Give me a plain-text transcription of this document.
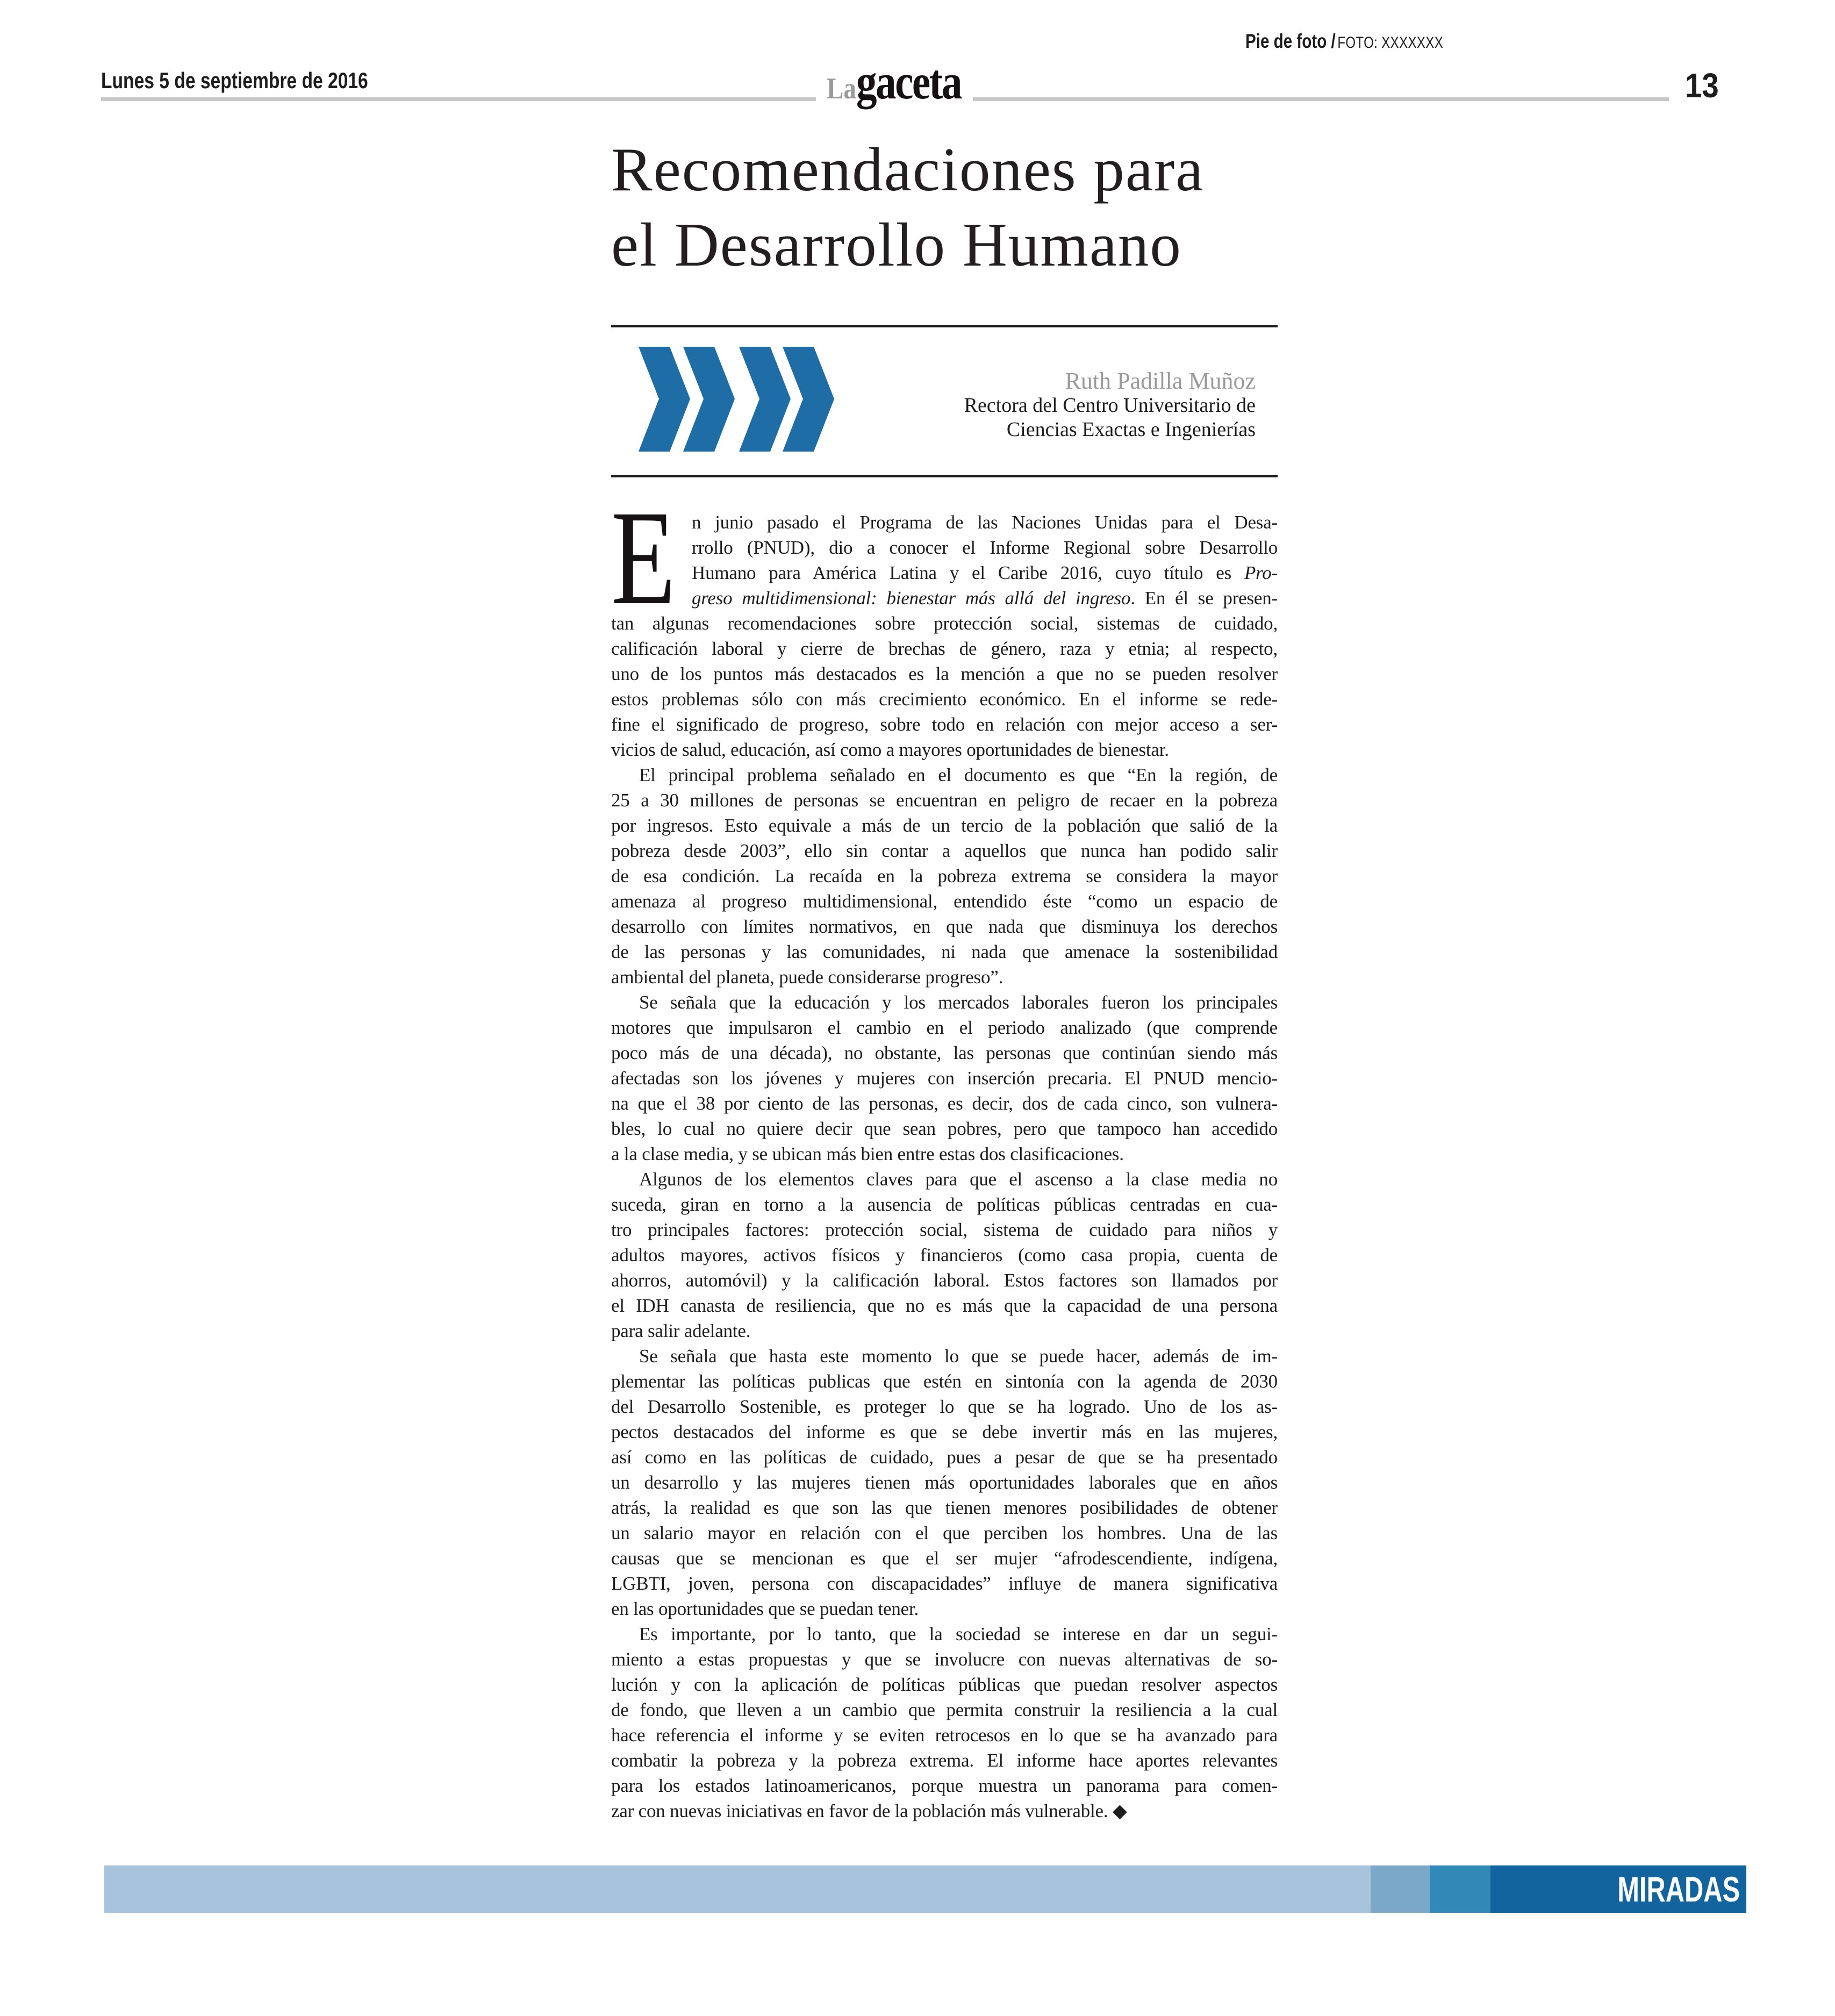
Pie de foto / FOTO: XXXXXXX
Lunes 5 de septiembre de 2016	La gaceta	13
Recomendaciones para
el Desarrollo Humano
Ruth Padilla Muñoz
Rectora del Centro Universitario de
Ciencias Exactas e Ingenierías
E n junio pasado el Programa de las Naciones Unidas para el Desa-
rrollo (PNUD), dio a conocer el Informe Regional sobre Desarrollo
Humano para América Latina y el Caribe 2016, cuyo título es Pro-
greso multidimensional: bienestar más allá del ingreso. En él se presen-
tan algunas recomendaciones sobre protección social, sistemas de cuidado,
calificación laboral y cierre de brechas de género, raza y etnia; al respecto,
uno de los puntos más destacados es la mención a que no se pueden resolver
estos problemas sólo con más crecimiento económico. En el informe se rede-
fine el significado de progreso, sobre todo en relación con mejor acceso a ser-
vicios de salud, educación, así como a mayores oportunidades de bienestar.
El principal problema señalado en el documento es que “En la región, de
25 a 30 millones de personas se encuentran en peligro de recaer en la pobreza
por ingresos. Esto equivale a más de un tercio de la población que salió de la
pobreza desde 2003”, ello sin contar a aquellos que nunca han podido salir
de esa condición. La recaída en la pobreza extrema se considera la mayor
amenaza al progreso multidimensional, entendido éste “como un espacio de
desarrollo con límites normativos, en que nada que disminuya los derechos
de las personas y las comunidades, ni nada que amenace la sostenibilidad
ambiental del planeta, puede considerarse progreso”.
Se señala que la educación y los mercados laborales fueron los principales
motores que impulsaron el cambio en el periodo analizado (que comprende
poco más de una década), no obstante, las personas que continúan siendo más
afectadas son los jóvenes y mujeres con inserción precaria. El PNUD mencio-
na que el 38 por ciento de las personas, es decir, dos de cada cinco, son vulnera-
bles, lo cual no quiere decir que sean pobres, pero que tampoco han accedido
a la clase media, y se ubican más bien entre estas dos clasificaciones.
Algunos de los elementos claves para que el ascenso a la clase media no
suceda, giran en torno a la ausencia de políticas públicas centradas en cua-
tro principales factores: protección social, sistema de cuidado para niños y
adultos mayores, activos físicos y financieros (como casa propia, cuenta de
ahorros, automóvil) y la calificación laboral. Estos factores son llamados por
el IDH canasta de resiliencia, que no es más que la capacidad de una persona
para salir adelante.
Se señala que hasta este momento lo que se puede hacer, además de im-
plementar las políticas publicas que estén en sintonía con la agenda de 2030
del Desarrollo Sostenible, es proteger lo que se ha logrado. Uno de los as-
pectos destacados del informe es que se debe invertir más en las mujeres,
así como en las políticas de cuidado, pues a pesar de que se ha presentado
un desarrollo y las mujeres tienen más oportunidades laborales que en años
atrás, la realidad es que son las que tienen menores posibilidades de obtener
un salario mayor en relación con el que perciben los hombres. Una de las
causas que se mencionan es que el ser mujer “afrodescendiente, indígena,
LGBTI, joven, persona con discapacidades” influye de manera significativa
en las oportunidades que se puedan tener.
Es importante, por lo tanto, que la sociedad se interese en dar un segui-
miento a estas propuestas y que se involucre con nuevas alternativas de so-
lución y con la aplicación de políticas públicas que puedan resolver aspectos
de fondo, que lleven a un cambio que permita construir la resiliencia a la cual
hace referencia el informe y se eviten retrocesos en lo que se ha avanzado para
combatir la pobreza y la pobreza extrema. El informe hace aportes relevantes
para los estados latinoamericanos, porque muestra un panorama para comen-
zar con nuevas iniciativas en favor de la población más vulnerable. ◆
MIRADAS
